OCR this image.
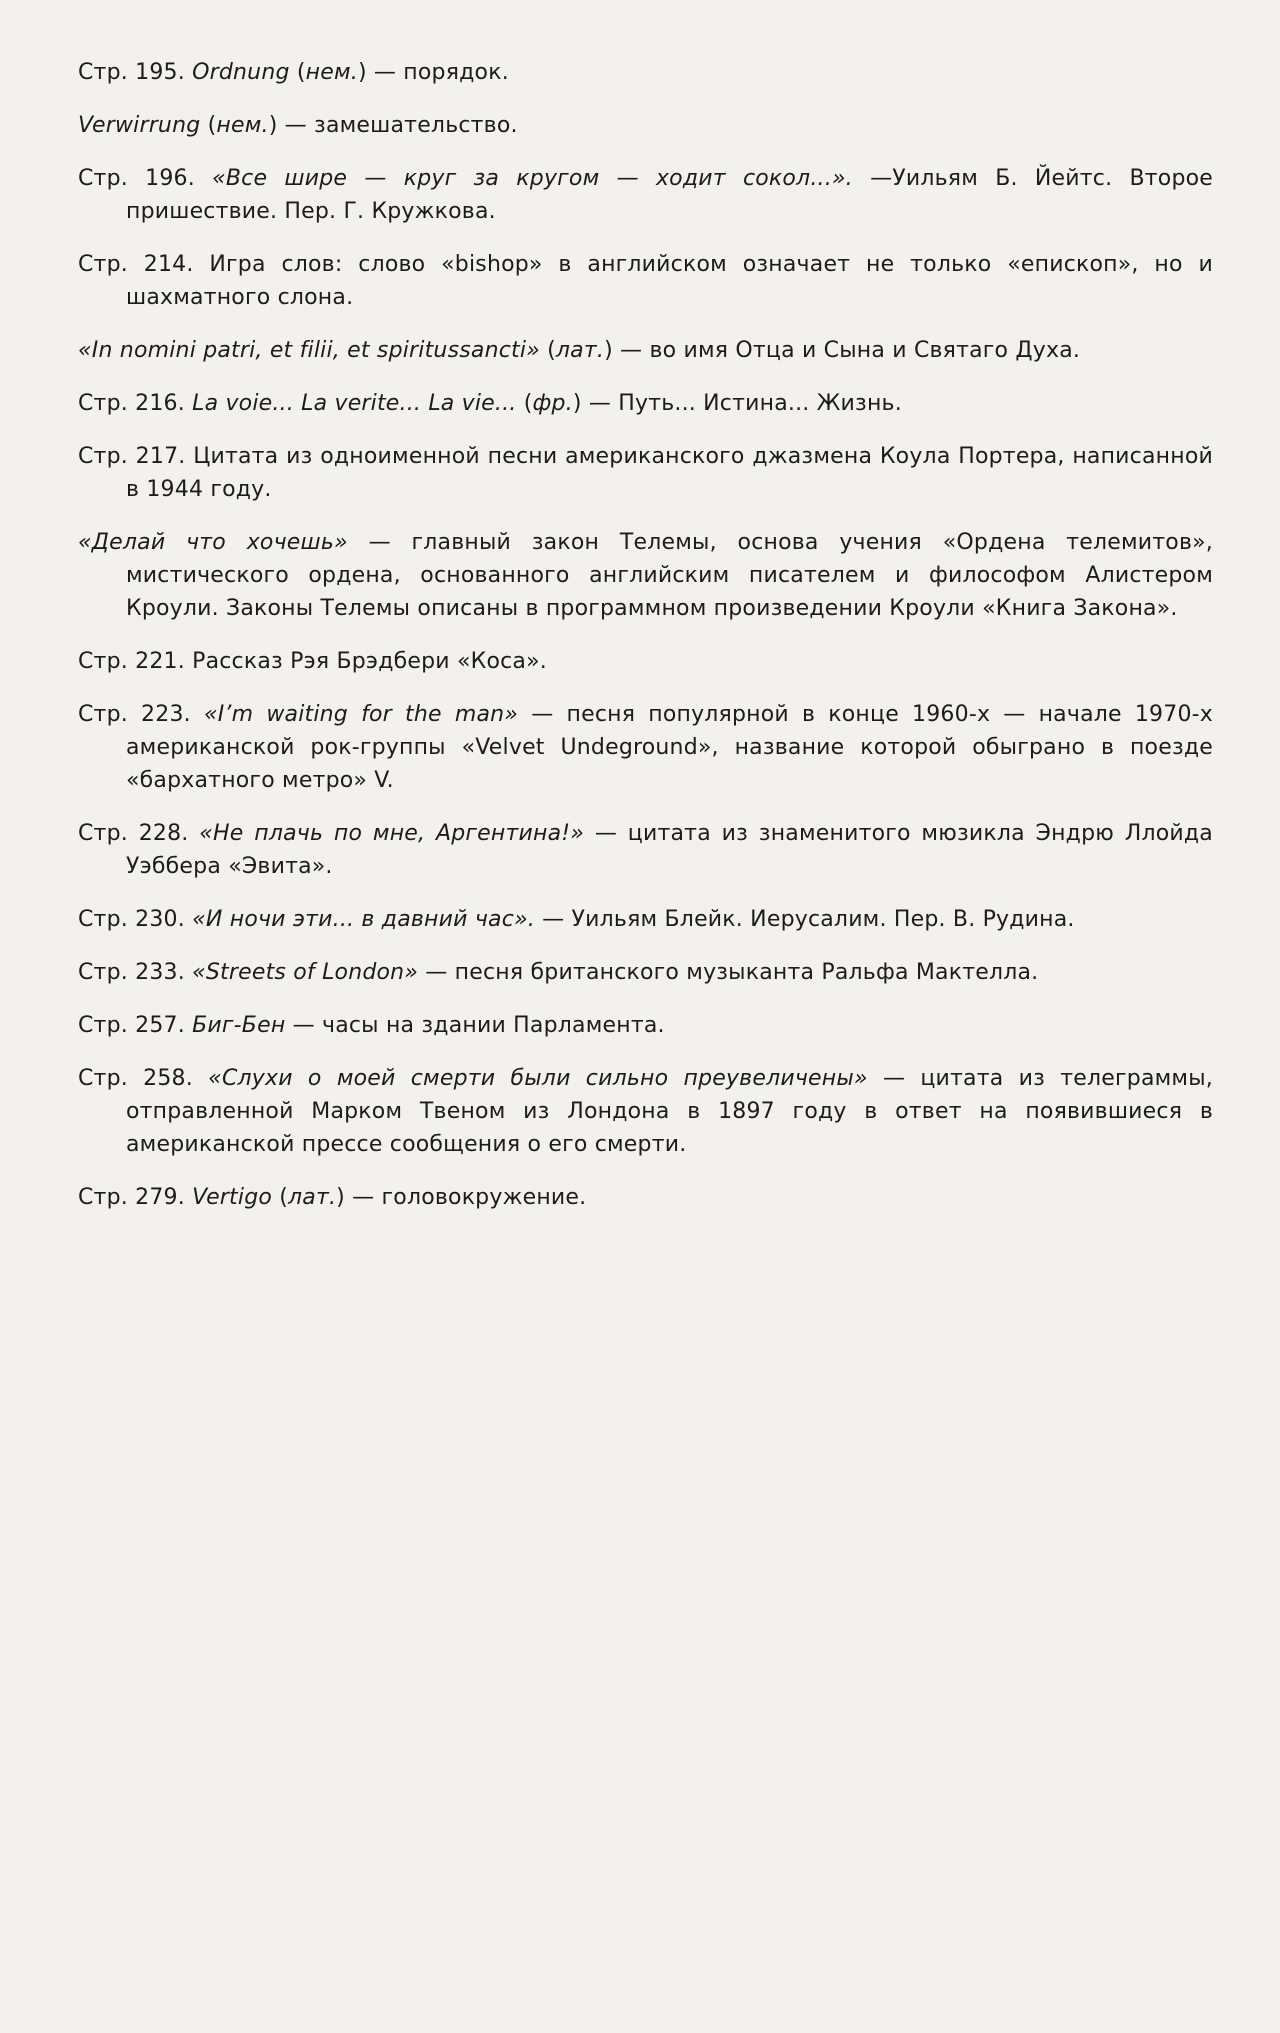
Стр. 195. Ordnung (нем.) — порядок.

Verwirrung (нем.) — замешательство.

Стр. 196. «Все шире — круг за кругом — ходит сокол...». —Уильям Б. Йейтс. Второе пришествие. Пер. Г. Кружкова.

Стр. 214. Игра слов: слово «bishop» в английском означает не только «епископ», но и шахматного слона.

«In nomini patri, et filii, et spiritussancti» (лат.) — во имя Отца и Сына и Святаго Духа.

Стр. 216. La voie... La verite... La vie... (фр.) — Путь... Истина... Жизнь.

Стр. 217. Цитата из одноименной песни американского джазмена Коула Портера, написанной в 1944 году.

«Делай что хочешь» — главный закон Телемы, основа учения «Ордена телемитов», мистического ордена, основанного английским писателем и философом Алистером Кроули. Законы Телемы описаны в программном произведении Кроули «Книга Закона».

Стр. 221. Рассказ Рэя Брэдбери «Коса».

Стр. 223. «I’m waiting for the man» — песня популярной в конце 1960-х — начале 1970-х американской рок-группы «Velvet Undeground», название которой обыграно в поезде «бархатного метро» V.

Стр. 228. «Не плачь по мне, Аргентина!» — цитата из знаменитого мюзикла Эндрю Ллойда Уэббера «Эвита».

Стр. 230. «И ночи эти... в давний час». — Уильям Блейк. Иерусалим. Пер. В. Рудина.

Стр. 233. «Streets of London» — песня британского музыканта Ральфа Мактелла.

Стр. 257. Биг-Бен — часы на здании Парламента.

Стр. 258. «Слухи о моей смерти были сильно преувеличены» — цитата из телеграммы, отправленной Марком Твеном из Лондона в 1897 году в ответ на появившиеся в американской прессе сообщения о его смерти.

Стр. 279. Vertigo (лат.) — головокружение.
